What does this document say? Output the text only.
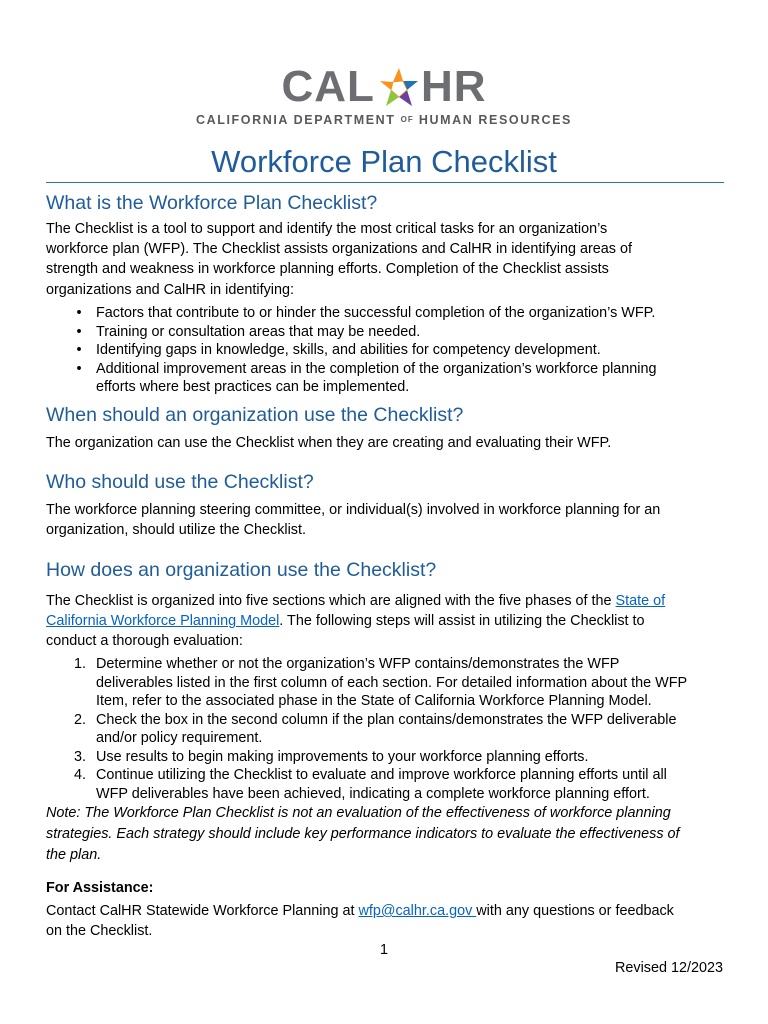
CAL HR
CALIFORNIA DEPARTMENT OF HUMAN RESOURCES
Workforce Plan Checklist
What is the Workforce Plan Checklist?
The Checklist is a tool to support and identify the most critical tasks for an organization’s
workforce plan (WFP). The Checklist assists organizations and CalHR in identifying areas of
strength and weakness in workforce planning efforts. Completion of the Checklist assists
organizations and CalHR in identifying:
•	Factors that contribute to or hinder the successful completion of the organization’s WFP.
•	Training or consultation areas that may be needed.
•	Identifying gaps in knowledge, skills, and abilities for competency development.
•	Additional improvement areas in the completion of the organization’s workforce planning
efforts where best practices can be implemented.
When should an organization use the Checklist?
The organization can use the Checklist when they are creating and evaluating their WFP.
Who should use the Checklist?
The workforce planning steering committee, or individual(s) involved in workforce planning for an
organization, should utilize the Checklist.
How does an organization use the Checklist?
The Checklist is organized into five sections which are aligned with the five phases of the State of
California Workforce Planning Model. The following steps will assist in utilizing the Checklist to
conduct a thorough evaluation:
1. Determine whether or not the organization’s WFP contains/demonstrates the WFP
deliverables listed in the first column of each section. For detailed information about the WFP
Item, refer to the associated phase in the State of California Workforce Planning Model.
2. Check the box in the second column if the plan contains/demonstrates the WFP deliverable
and/or policy requirement.
3. Use results to begin making improvements to your workforce planning efforts.
4. Continue utilizing the Checklist to evaluate and improve workforce planning efforts until all
WFP deliverables have been achieved, indicating a complete workforce planning effort.
Note: The Workforce Plan Checklist is not an evaluation of the effectiveness of workforce planning
strategies. Each strategy should include key performance indicators to evaluate the effectiveness of
the plan.
For Assistance:
Contact CalHR Statewide Workforce Planning at wfp@calhr.ca.gov with any questions or feedback
on the Checklist.
1
Revised 12/2023
